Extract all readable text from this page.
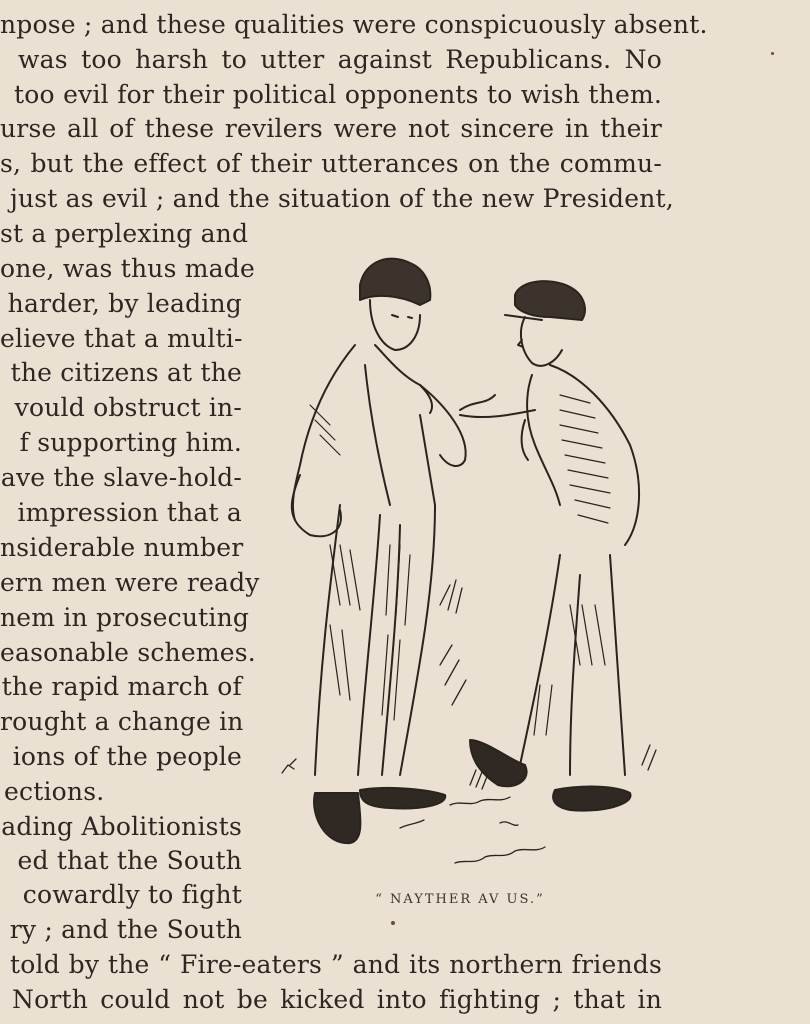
npose ; and these qualities were conspicuously absent.
was too harsh to utter against Republicans. No
too evil for their political opponents to wish them.
urse all of these revilers were not sincere in their
s, but the effect of their utterances on the commu-
just as evil ; and the situation of the new President,
st a perplexing and
one, was thus made
harder, by leading
elieve that a multi-
the citizens at the
vould obstruct in-
f supporting him.
ave the slave-hold-
impression that a
nsiderable number
ern men were ready
nem in prosecuting
easonable schemes.
the rapid march of
rought a change in
ions of the people
ections.
ading Abolitionists
ed that the South
cowardly to fight
ry ; and the South
“ NAYTHER AV US.”
told by the “ Fire-eaters ” and its northern friends
North could not be kicked into fighting ; that in
